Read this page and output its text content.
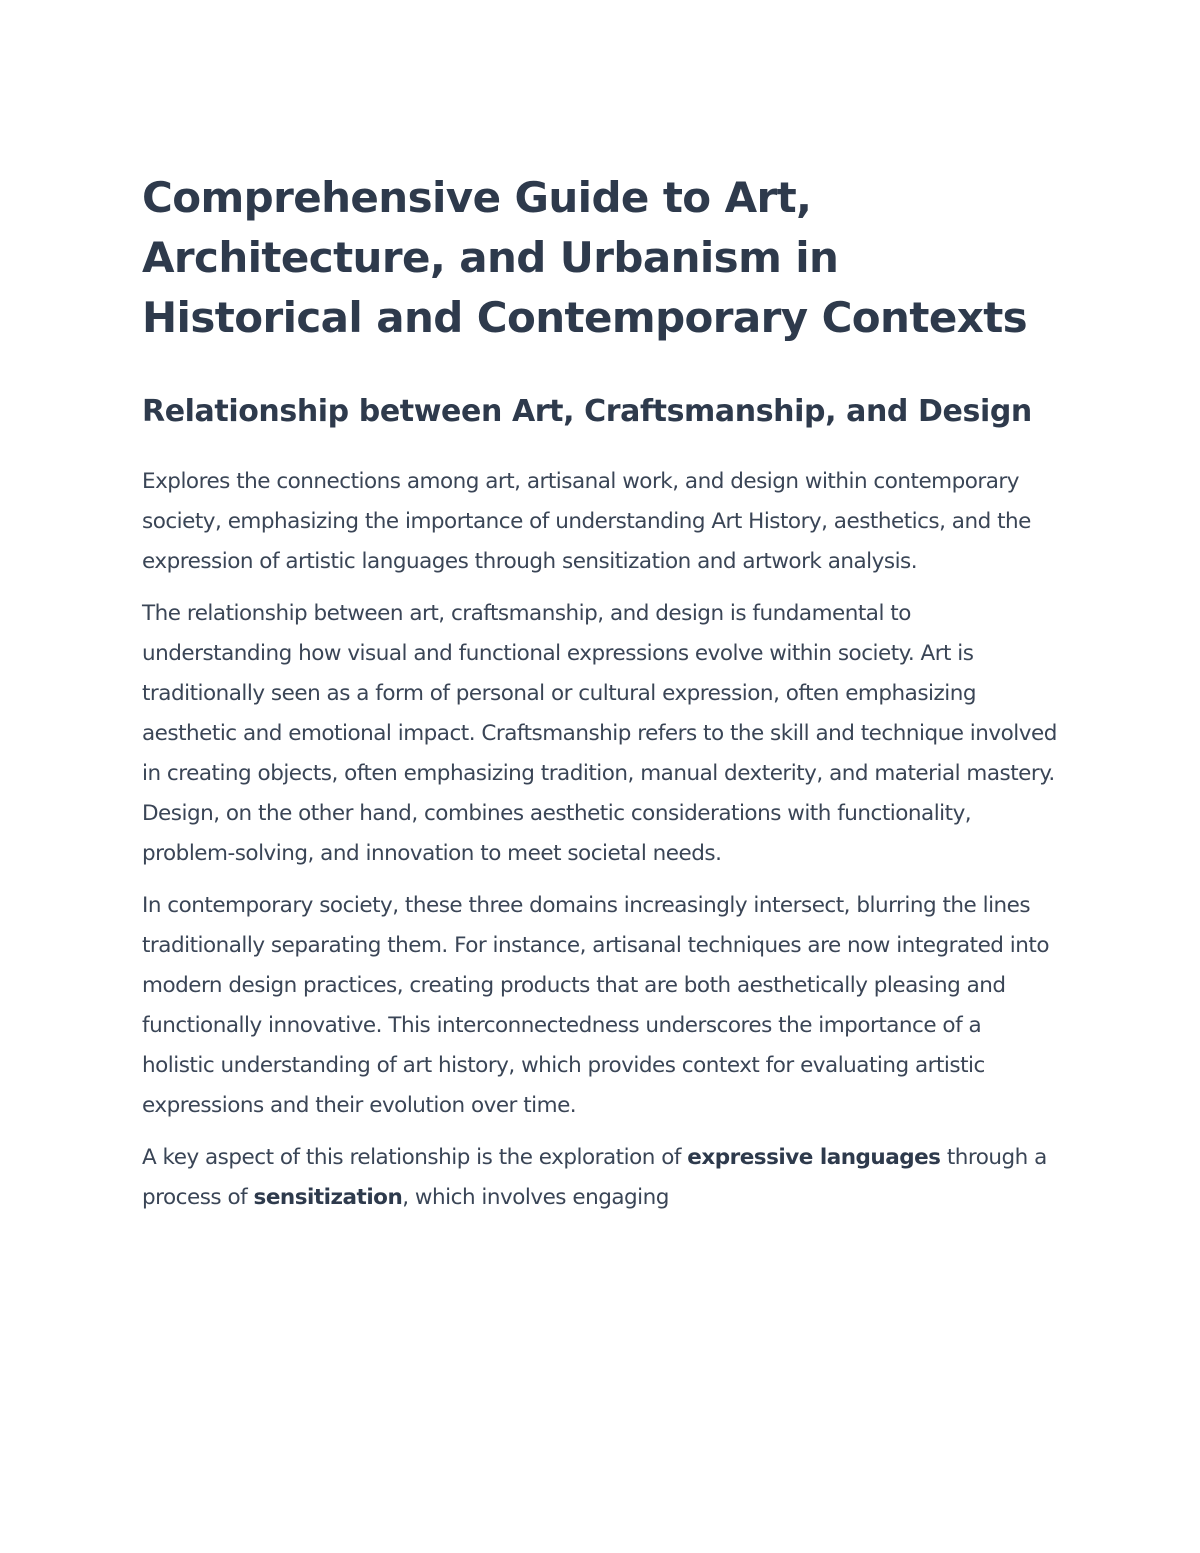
Comprehensive Guide to Art, Architecture, and Urbanism in Historical and Contemporary Contexts
Relationship between Art, Craftsmanship, and Design

Explores the connections among art, artisanal work, and design within contemporary society, emphasizing the importance of understanding Art History, aesthetics, and the expression of artistic languages through sensitization and artwork analysis.

The relationship between art, craftsmanship, and design is fundamental to understanding how visual and functional expressions evolve within society. Art is traditionally seen as a form of personal or cultural expression, often emphasizing aesthetic and emotional impact. Craftsmanship refers to the skill and technique involved in creating objects, often emphasizing tradition, manual dexterity, and material mastery. Design, on the other hand, combines aesthetic considerations with functionality, problem-solving, and innovation to meet societal needs.

In contemporary society, these three domains increasingly intersect, blurring the lines traditionally separating them. For instance, artisanal techniques are now integrated into modern design practices, creating products that are both aesthetically pleasing and functionally innovative. This interconnectedness underscores the importance of a holistic understanding of art history, which provides context for evaluating artistic expressions and their evolution over time.

A key aspect of this relationship is the exploration of expressive languages through a process of sensitization, which involves engaging
